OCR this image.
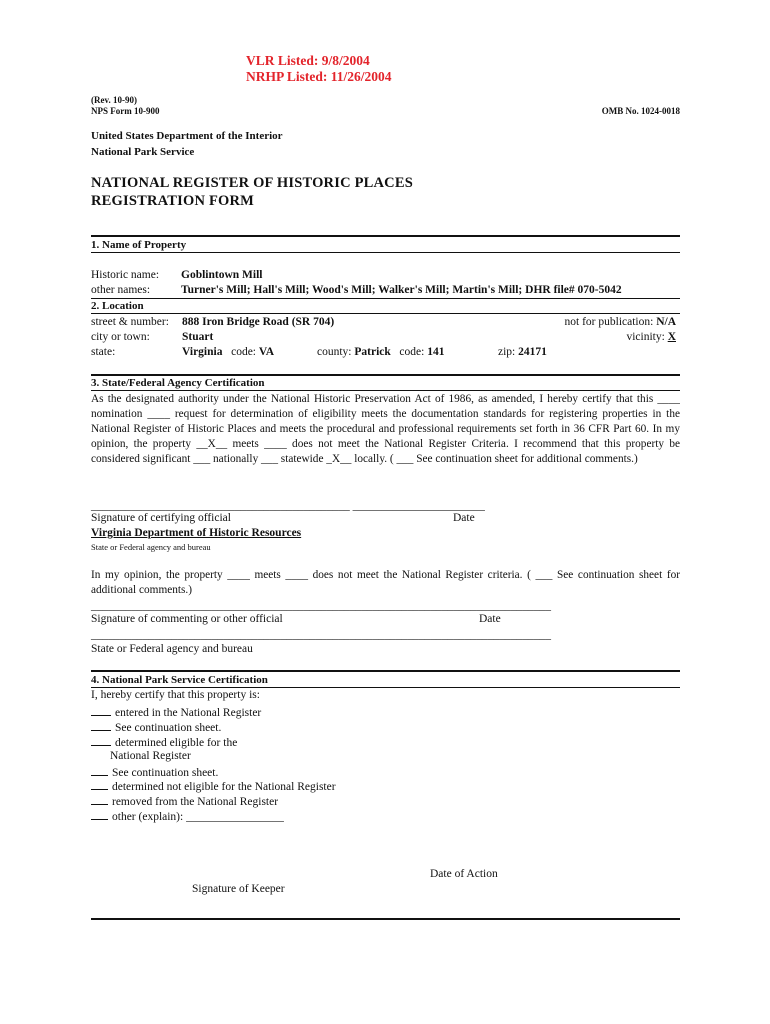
VLR Listed: 9/8/2004
NRHP Listed: 11/26/2004
(Rev. 10-90)
NPS Form 10-900	OMB No. 1024-0018
United States Department of the Interior
National Park Service
NATIONAL REGISTER OF HISTORIC PLACES
REGISTRATION FORM
1. Name of Property
Historic name: Goblintown Mill
other names:	Turner's Mill; Hall's Mill; Wood's Mill; Walker's Mill; Martin's Mill; DHR file# 070-5042
2. Location
street & number: 888 Iron Bridge Road (SR 704)	not for publication: N/A
city or town:	Stuart	vicinity: X
state:	Virginia code: VA	county: Patrick code: 141	zip: 24171
3. State/Federal Agency Certification
As the designated authority under the National Historic Preservation Act of 1986, as amended, I hereby certify that this ____ nomination ____ request for determination of eligibility meets the documentation standards for registering properties in the National Register of Historic Places and meets the procedural and professional requirements set forth in 36 CFR Part 60. In my opinion, the property __X__ meets ____ does not meet the National Register Criteria. I recommend that this property be considered significant ___ nationally ___ statewide _X__ locally. ( ___ See continuation sheet for additional comments.)
_____________________________________________ _______________________
Signature of certifying official	Date
Virginia Department of Historic Resources
State or Federal agency and bureau
In my opinion, the property ____ meets ____ does not meet the National Register criteria. ( ___ See continuation sheet for additional comments.)
________________________________________________________________________________
Signature of commenting or other official	Date
________________________________________________________________________________
State or Federal agency and bureau
4. National Park Service Certification
I, hereby certify that this property is:
entered in the National Register
See continuation sheet.
determined eligible for the
National Register
See continuation sheet.
determined not eligible for the National Register
removed from the National Register
other (explain): _________________
Date of Action
Signature of Keeper
